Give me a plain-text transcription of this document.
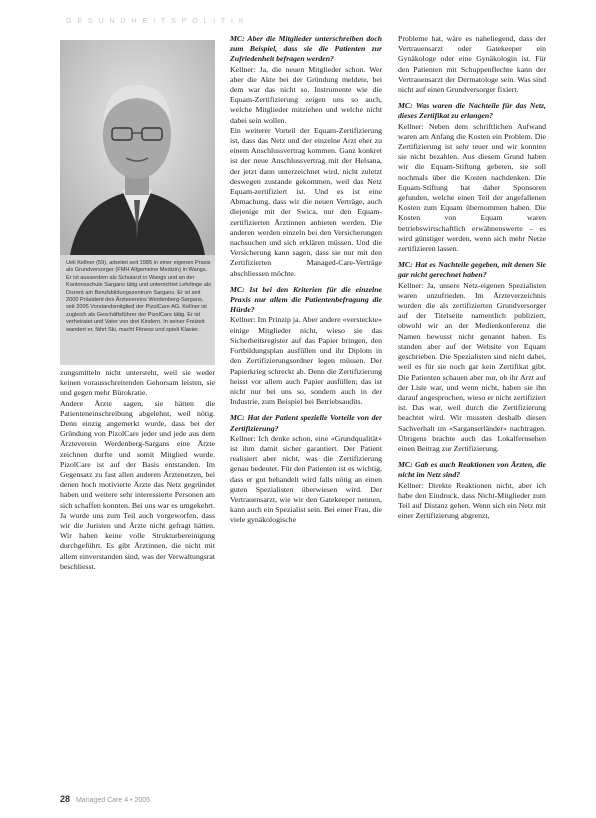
G E S U N D H E I T S P O L I T I K
Ueli Kellner (59), arbeitet seit 1985 in einer eigenen Praxis als Grundversorger (FMH Allgemeine Medizin) in Wangs. Er ist ausserdem als Schularzt in Wangs und an der Kantonsschule Sargans tätig und unterrichtet Lehrlinge als Dozent am Berufsbildungszentrum Sargans. Er ist seit 2000 Präsident des Ärztevereins Werdenberg-Sargans, seit 2005 Vorstandsmitglied der PizolCare AG. Kellner ist zugleich als Geschäftsführer der PizolCare tätig. Er ist verheiratet und Vater von drei Kindern. In seiner Freizeit wandert er, fährt Ski, macht Fitness und spielt Klavier.

zungsmitteln nicht untersteht, weil sie weder keinen vorausschreitenden Gehorsam leisten, sie und gegen mehr Bürokratie.

Andere Ärzte sagen, sie hätten die Patienteneinschreibung abgelehnt, weil nötig. Denn einzig angemerkt wurde, dass bei der Gründung von PizolCare jeder und jede aus dem Ärzteverein Werdenberg-Sargans eine Ärzte zeichnen durfte und somit Mitglied wurde. PizolCare ist auf der Basis entstanden. Im Gegensatz zu fast allen anderen Ärztenetzen, bei denen hoch motivierte Ärzte das Netz gegründet haben und weitere sehr interessierte Personen am sich schaffen konnten. Bei uns war es umgekehrt. Ja wurde uns zum Teil auch vorgeworfen, dass wir die Juristen und Ärzte nicht gefragt hätten. Wir haben keine volle Strukturbereinigung durchgeführt. Es gibt Ärztinnen, die nicht mit allem einverstanden sind, was der Verwaltungsrat beschliesst.

MC: Aber die Mitglieder unterschreiben doch zum Beispiel, dass sie die Patienten zur Zufriedenheit befragen werden?

Kellner: Ja, die neuen Mitglieder schon. Wer aber die Akte bei der Gründung meldete, bei dem war das nicht so. Instrumente wie die Equam-Zertifizierung zeigen uns so auch, welche Mitglieder mitziehen und welche nicht dabei sein wollen.

Ein weiterer Vorteil der Equam-Zertifizierung ist, dass das Netz und der einzelne Arzt eher zu einem Anschlussvertrag kommen. Ganz konkret ist der neue Anschlussvertrag mit der Helsana, der jetzt dann unterzeichnet wird, nicht zuletzt deswegen zustande gekommen, weil das Netz Equam-zertifiziert ist. Und es ist eine Abmachung, dass wir die neuen Verträge, auch diejenige mit der Swica, nur den Equam-zertifizierten Ärztinnen anbieten werden. Die anderen werden einzeln bei den Versicherungen nachsuchen und sich erklären müssen. Und die Versicherung kann sagen, dass sie nur mit den Zertifizierten Managed-Care-Verträge abschliessen möchte.

MC: Ist bei den Kriterien für die einzelne Praxis nur allem die Patientenbefragung die Hürde?

Kellner: Im Prinzip ja. Aber andere «versteckte» einige Mitglieder nicht, wieso sie das Sicherheitsregister auf das Papier bringen, den Fortbildungsplan ausfüllen und ihr Diplom in den Zertifizierungsordner legen müssen. Der Papierkrieg schreckt ab. Denn die Zertifizierung heisst vor allem auch Papier ausfüllen; das ist nicht nur bei uns so, sondern auch in der Industrie, zum Beispiel bei Betriebsaudits.

MC: Hat der Patient spezielle Vorteile von der Zertifizierung?

Kellner: Ich denke schon, eine «Grundqualität» ist ihm damit sicher garantiert. Der Patient realisiert aber nicht, was die Zertifizierung genau bedeutet. Für den Patienten ist es wichtig, dass er gut behandelt wird falls nötig an einen guten Spezialisten überwiesen wird. Der Vertrauensarzt, wie wir den Gatekeeper nennen, kann auch ein Spezialist sein. Bei einer Frau, die viele gynäkologische

Probleme hat, wäre es naheliegend, dass der Vertrauensarzt oder Gatekeeper ein Gynäkologe oder eine Gynäkologin ist. Für den Patienten mit Schuppenflechte kann der Vertrauensarzt der Dermatologe sein. Was sind nicht auf einen Grundversorger fixiert.

MC: Was waren die Nachteile für das Netz, dieses Zertifikat zu erlangen?

Kellner: Neben dem schriftlichen Aufwand waren am Anfang die Kosten ein Problem. Die Zertifizierung ist sehr teuer und wir konnten sie nicht bezahlen. Aus diesem Grund haben wir die Equam-Stiftung gebeten, sie soll nochmals über die Kosten nachdenken. Die Equam-Stiftung hat daher Sponsoren gefunden, welche einen Teil der angefallenen Kosten zum Equam übernommen haben. Die Kosten von Equam waren betriebswirtschaftlich erwähnenswerte – es wird günstiger werden, wenn sich mehr Netze zertifizieren lassen.

MC: Hat es Nachteile gegeben, mit denen Sie gar nicht gerechnet haben?

Kellner: Ja, unsere Netz-eigenen Spezialisten waren unzufrieden. Im Ärzteverzeichnis wurden die als zertifizierten Grundversorger auf der Titelseite namentlich publiziert, obwohl wir an der Medienkonferenz die Namen bewusst nicht genannt haben. Es standen aber auf der Website von Equam geschrieben. Die Spezialisten sind nicht dabei, weil es für sie noch gar kein Zertifikat gibt. Die Patienten schauen aber nur, ob ihr Arzt auf der Liste war, und wenn nicht, haben sie ihn darauf angesprochen, wieso er nicht zertifiziert ist. Das war, weil durch die Zertifizierung beachtet wird. Wir mussten deshalb diesen Sachverhalt im «Sarganserländer» nachtragen. Übrigens brachte auch das Lokalfernsehen einen Beitrag zur Zertifizierung.

MC: Gab es auch Reaktionen von Ärzten, die nicht im Netz sind?

Kellner: Direkte Reaktionen nicht, aber ich habe den Eindruck, dass Nicht-Mitglieder zum Teil auf Distanz gehen. Wenn sich ein Netz mit einer Zertifizierung abgrenzt,

28 Managed Care 4 • 2005
